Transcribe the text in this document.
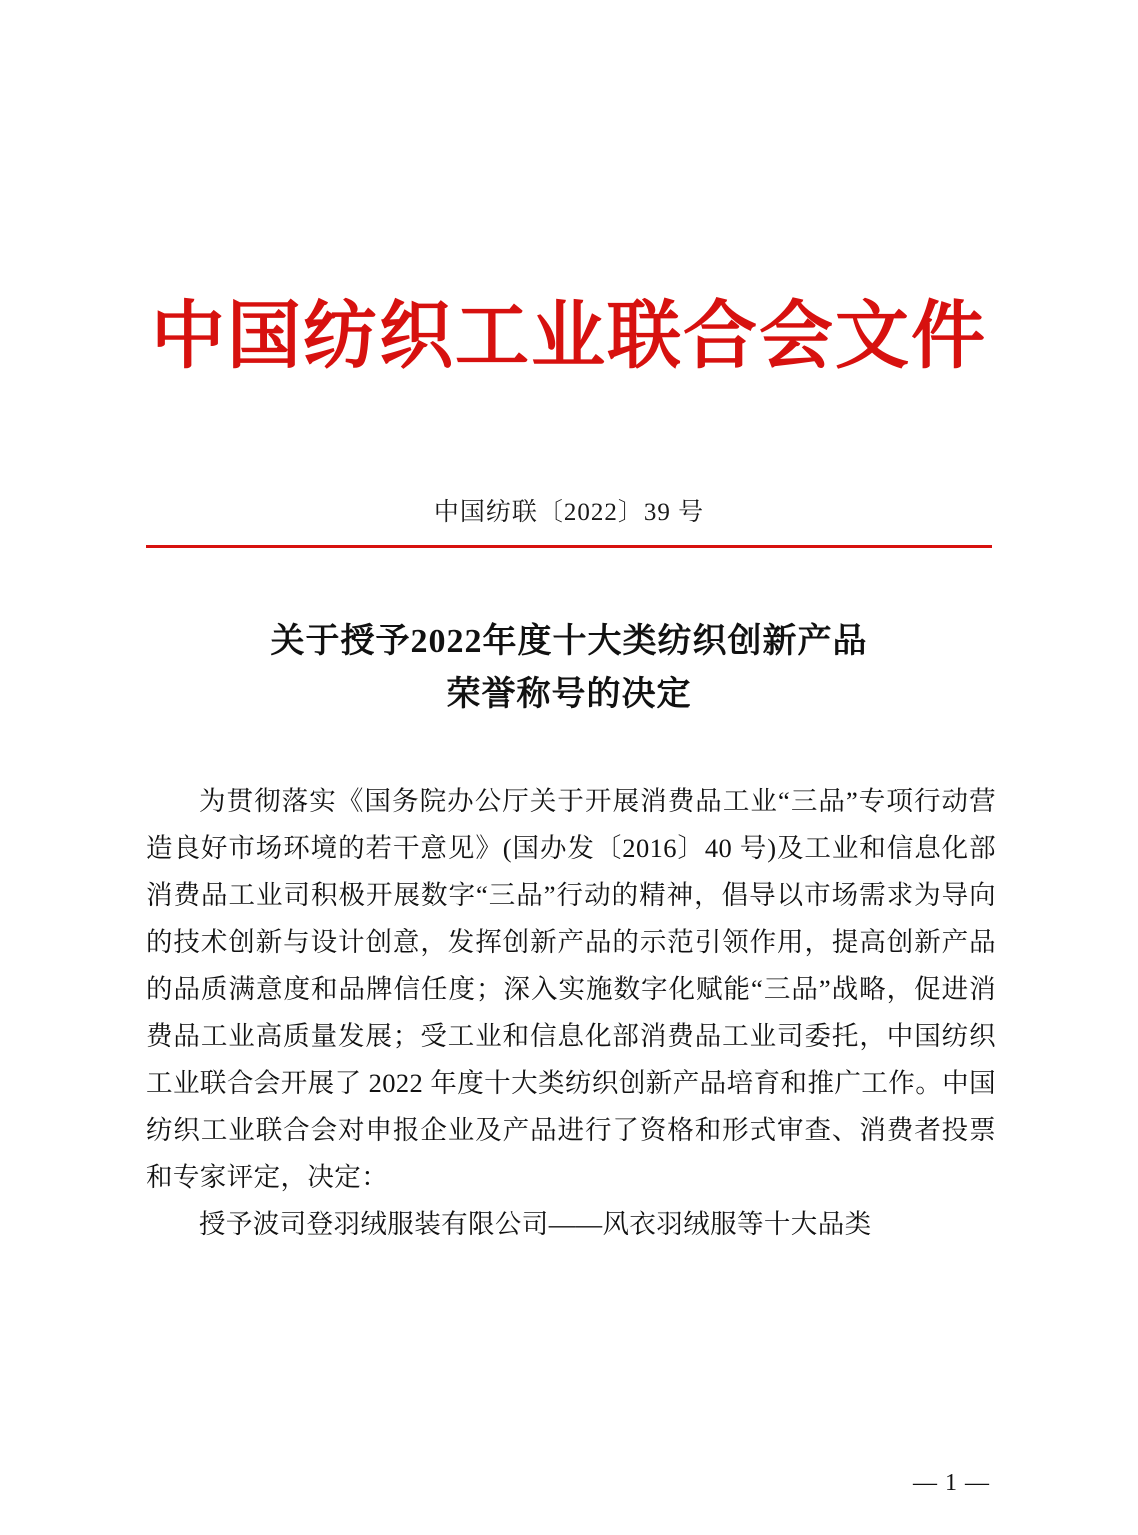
中国纺织工业联合会文件
中国纺联〔2022〕39 号
关于授予2022年度十大类纺织创新产品
荣誉称号的决定

为贯彻落实《国务院办公厅关于开展消费品工业“三品”专项行动营造良好市场环境的若干意见》(国办发〔2016〕40 号)及工业和信息化部消费品工业司积极开展数字“三品”行动的精神，倡导以市场需求为导向的技术创新与设计创意，发挥创新产品的示范引领作用，提高创新产品的品质满意度和品牌信任度；深入实施数字化赋能“三品”战略，促进消费品工业高质量发展；受工业和信息化部消费品工业司委托，中国纺织工业联合会开展了 2022 年度十大类纺织创新产品培育和推广工作。中国纺织工业联合会对申报企业及产品进行了资格和形式审查、消费者投票和专家评定，决定：

授予波司登羽绒服装有限公司——风衣羽绒服等十大品类

— 1 —
